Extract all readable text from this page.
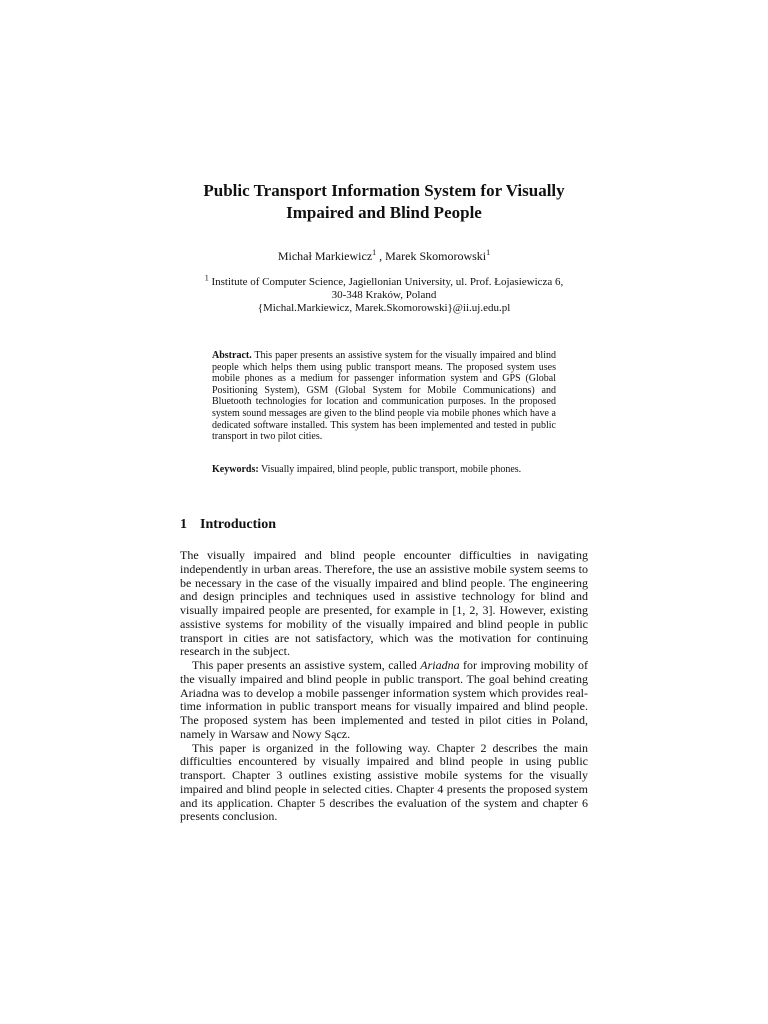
Public Transport Information System for Visually
Impaired and Blind People
Michał Markiewicz$^1$ , Marek Skomorowski$^1$
$^1$ Institute of Computer Science, Jagiellonian University, ul. Prof. Łojasiewicza 6,
30-348 Kraków, Poland
{Michal.Markiewicz, Marek.Skomorowski}@ii.uj.edu.pl
Abstract. This paper presents an assistive system for the visually impaired and blind people which helps them using public transport means. The proposed system uses mobile phones as a medium for passenger information system and GPS (Global Positioning System), GSM (Global System for Mobile Communications) and Bluetooth technologies for location and communication purposes. In the proposed system sound messages are given to the blind people via mobile phones which have a dedicated software installed. This system has been implemented and tested in public transport in two pilot cities.
Keywords: Visually impaired, blind people, public transport, mobile phones.
1 Introduction

The visually impaired and blind people encounter difficulties in navigating independently in urban areas. Therefore, the use an assistive mobile system seems to be necessary in the case of the visually impaired and blind people. The engineering and design principles and techniques used in assistive technology for blind and visually impaired people are presented, for example in [1, 2, 3]. However, existing assistive systems for mobility of the visually impaired and blind people in public transport in cities are not satisfactory, which was the motivation for continuing research in the subject.

This paper presents an assistive system, called Ariadna for improving mobility of the visually impaired and blind people in public transport. The goal behind creating Ariadna was to develop a mobile passenger information system which provides real-time information in public transport means for visually impaired and blind people. The proposed system has been implemented and tested in pilot cities in Poland, namely in Warsaw and Nowy Sącz.

This paper is organized in the following way. Chapter 2 describes the main difficulties encountered by visually impaired and blind people in using public transport. Chapter 3 outlines existing assistive mobile systems for the visually impaired and blind people in selected cities. Chapter 4 presents the proposed system and its application. Chapter 5 describes the evaluation of the system and chapter 6 presents conclusion.
